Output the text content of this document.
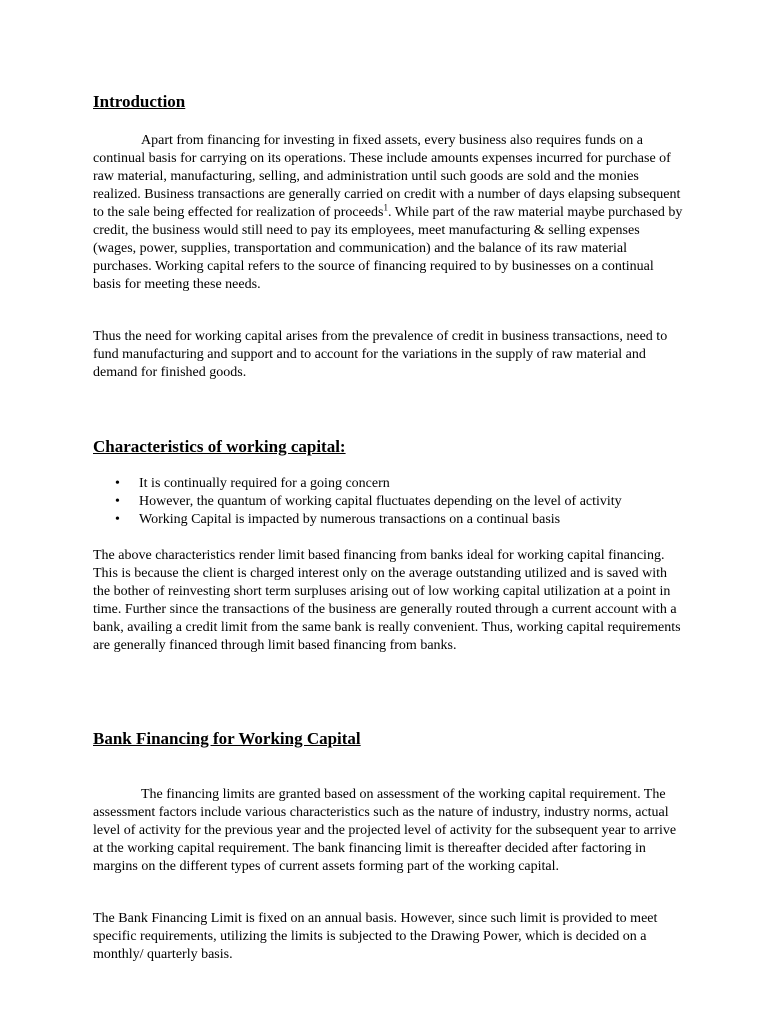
Introduction

Apart from financing for investing in fixed assets, every business also requires funds on a continual basis for carrying on its operations. These include amounts expenses incurred for purchase of raw material, manufacturing, selling, and administration until such goods are sold and the monies realized. Business transactions are generally carried on credit with a number of days elapsing subsequent to the sale being effected for realization of proceeds$^1$. While part of the raw material maybe purchased by credit, the business would still need to pay its employees, meet manufacturing & selling expenses (wages, power, supplies, transportation and communication) and the balance of its raw material purchases. Working capital refers to the source of financing required to by businesses on a continual basis for meeting these needs.

Thus the need for working capital arises from the prevalence of credit in business transactions, need to fund manufacturing and support and to account for the variations in the supply of raw material and demand for finished goods.

Characteristics of working capital:
• It is continually required for a going concern
• However, the quantum of working capital fluctuates depending on the level of activity
• Working Capital is impacted by numerous transactions on a continual basis

The above characteristics render limit based financing from banks ideal for working capital financing. This is because the client is charged interest only on the average outstanding utilized and is saved with the bother of reinvesting short term surpluses arising out of low working capital utilization at a point in time. Further since the transactions of the business are generally routed through a current account with a bank, availing a credit limit from the same bank is really convenient. Thus, working capital requirements are generally financed through limit based financing from banks.

Bank Financing for Working Capital

The financing limits are granted based on assessment of the working capital requirement. The assessment factors include various characteristics such as the nature of industry, industry norms, actual level of activity for the previous year and the projected level of activity for the subsequent year to arrive at the working capital requirement. The bank financing limit is thereafter decided after factoring in margins on the different types of current assets forming part of the working capital.

The Bank Financing Limit is fixed on an annual basis. However, since such limit is provided to meet specific requirements, utilizing the limits is subjected to the Drawing Power, which is decided on a monthly/ quarterly basis.
